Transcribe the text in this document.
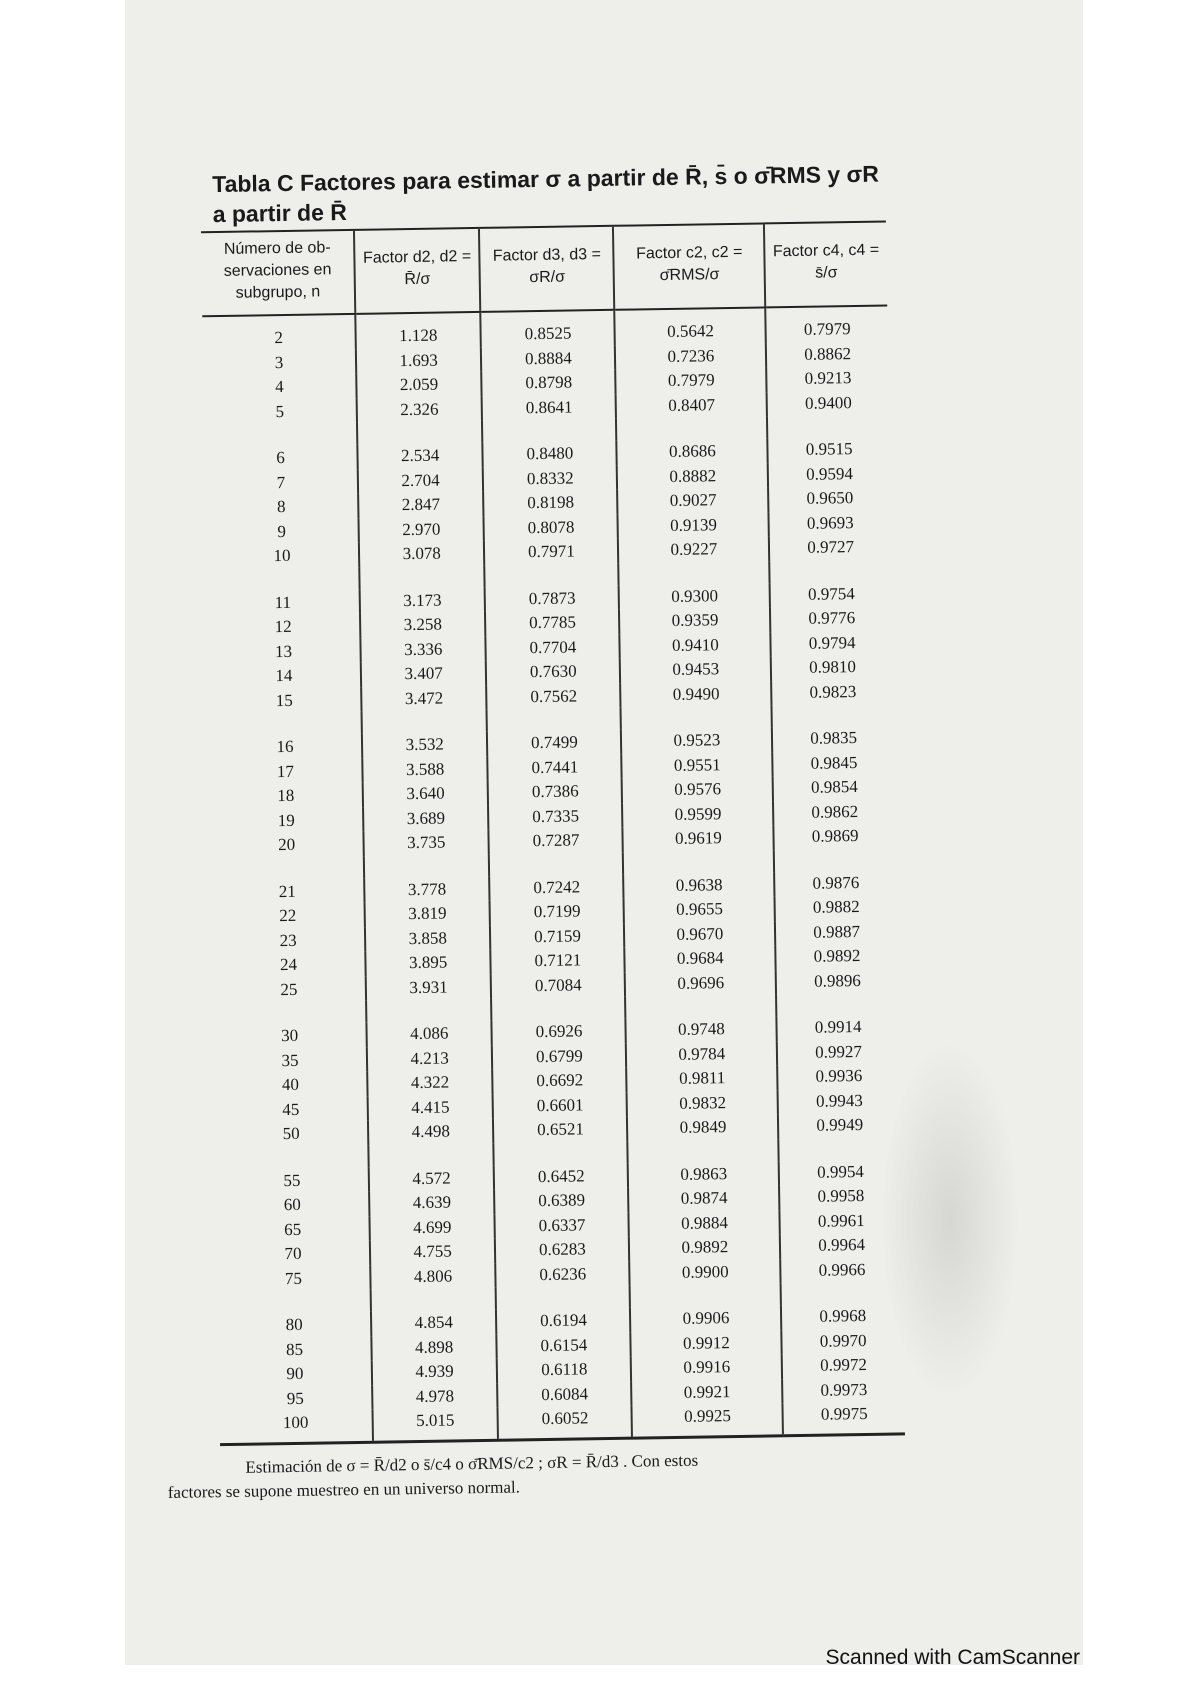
Tabla C Factores para estimar σ a partir de R̄, s̄ o σ̄RMS y σR
a partir de R̄
Número de ob- servaciones en subgrupo, n	Factor d2, d2 = R̄/σ	Factor d3, d3 = σR/σ	Factor c2, c2 = σ̄RMS/σ	Factor c4, c4 = s̄/σ
2	1.128	0.8525	0.5642	0.7979
3	1.693	0.8884	0.7236	0.8862
4	2.059	0.8798	0.7979	0.9213
5	2.326	0.8641	0.8407	0.9400

6	2.534	0.8480	0.8686	0.9515
7	2.704	0.8332	0.8882	0.9594
8	2.847	0.8198	0.9027	0.9650
9	2.970	0.8078	0.9139	0.9693
10	3.078	0.7971	0.9227	0.9727

11	3.173	0.7873	0.9300	0.9754
12	3.258	0.7785	0.9359	0.9776
13	3.336	0.7704	0.9410	0.9794
14	3.407	0.7630	0.9453	0.9810
15	3.472	0.7562	0.9490	0.9823

16	3.532	0.7499	0.9523	0.9835
17	3.588	0.7441	0.9551	0.9845
18	3.640	0.7386	0.9576	0.9854
19	3.689	0.7335	0.9599	0.9862
20	3.735	0.7287	0.9619	0.9869

21	3.778	0.7242	0.9638	0.9876
22	3.819	0.7199	0.9655	0.9882
23	3.858	0.7159	0.9670	0.9887
24	3.895	0.7121	0.9684	0.9892
25	3.931	0.7084	0.9696	0.9896

30	4.086	0.6926	0.9748	0.9914
35	4.213	0.6799	0.9784	0.9927
40	4.322	0.6692	0.9811	0.9936
45	4.415	0.6601	0.9832	0.9943
50	4.498	0.6521	0.9849	0.9949

55	4.572	0.6452	0.9863	0.9954
60	4.639	0.6389	0.9874	0.9958
65	4.699	0.6337	0.9884	0.9961
70	4.755	0.6283	0.9892	0.9964
75	4.806	0.6236	0.9900	0.9966

80	4.854	0.6194	0.9906	0.9968
85	4.898	0.6154	0.9912	0.9970
90	4.939	0.6118	0.9916	0.9972
95	4.978	0.6084	0.9921	0.9973
100	5.015	0.6052	0.9925	0.9975
Estimación de σ = R̄/d2 o s̄/c4 o σ̄RMS/c2 ; σR = R̄/d3 . Con estos
factores se supone muestreo en un universo normal.
Scanned with CamScanner
